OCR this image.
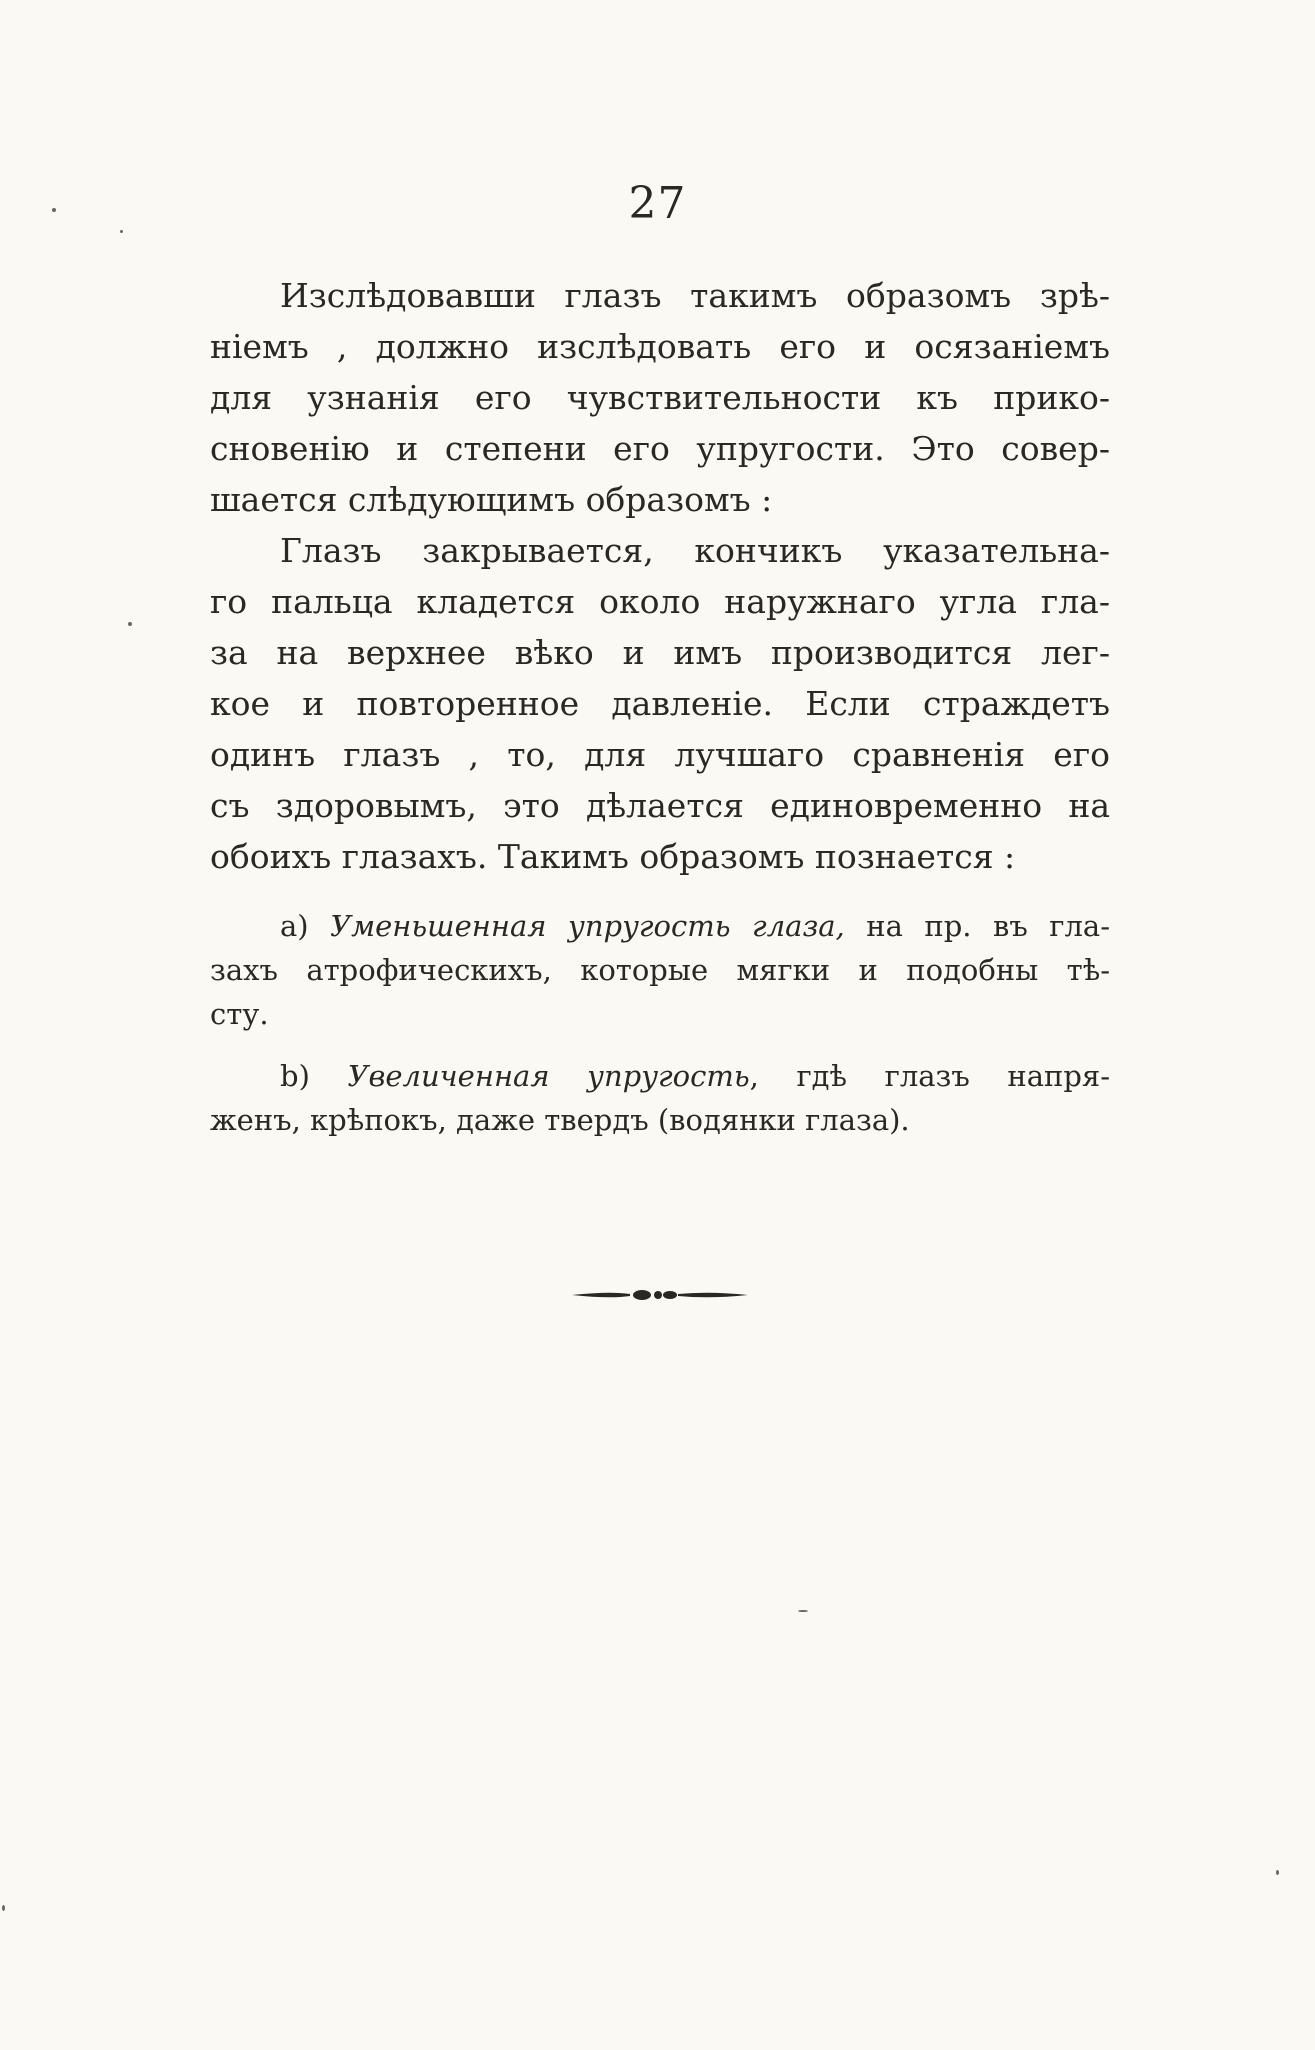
27

Изслѣдовавши глазъ такимъ образомъ зрѣ-
ніемъ , должно изслѣдовать его и осязаніемъ
для узнанія его чувствительности къ прико-
сновенію и степени его упругости. Это совер-
шается слѣдующимъ образомъ :

Глазъ закрывается, кончикъ указательна-
го пальца кладется около наружнаго угла гла-
за на верхнее вѣко и имъ производится лег-
кое и повторенное давленіе. Если страждетъ
одинъ глазъ , то, для лучшаго сравненія его
съ здоровымъ, это дѣлается единовременно на
обоихъ глазахъ. Такимъ образомъ познается :

a) Уменьшенная упругость глаза, на пр. въ гла-
захъ атрофическихъ, которые мягки и подобны тѣ-
сту.

b) Увеличенная упругость, гдѣ глазъ напря-
женъ, крѣпокъ, даже твердъ (водянки глаза).
